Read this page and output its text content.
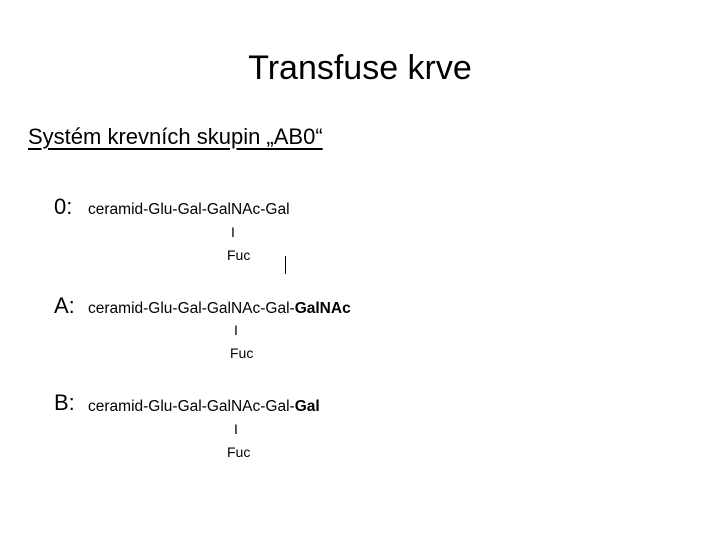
Transfuse krve
Systém krevních skupin „AB0“
0: ceramid-Glu-Gal-GalNAc-Gal
I
Fuc
A: ceramid-Glu-Gal-GalNAc-Gal-GalNAc
I
Fuc
B: ceramid-Glu-Gal-GalNAc-Gal-Gal
I
Fuc
